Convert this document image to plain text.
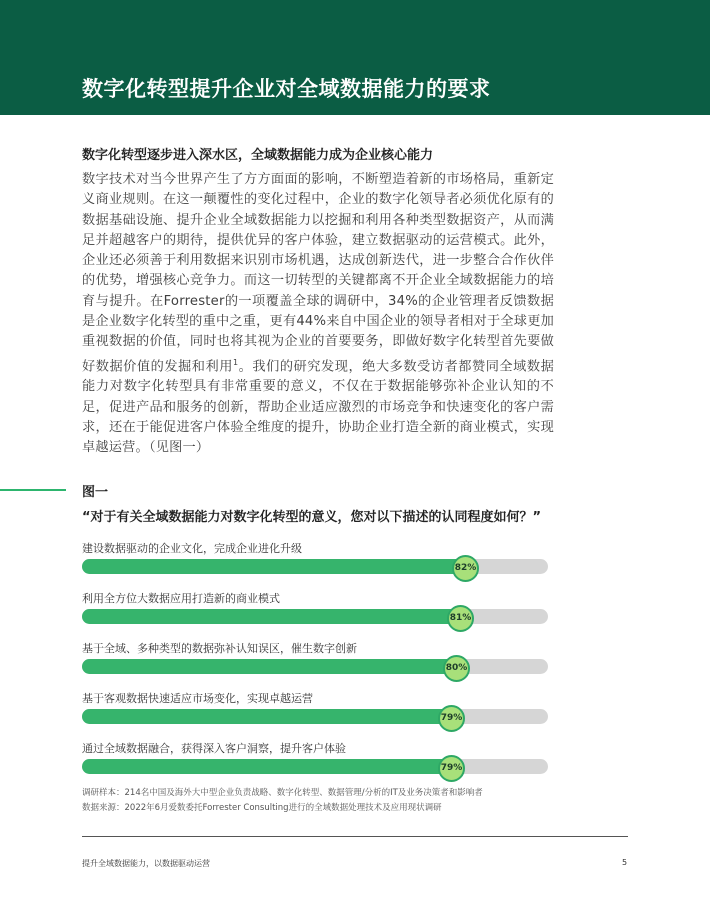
数字化转型提升企业对全域数据能力的要求
数字化转型逐步进入深水区，全域数据能力成为企业核心能力
数字技术对当今世界产生了方方面面的影响，不断塑造着新的市场格局，重新定义商业规则。在这一颠覆性的变化过程中，企业的数字化领导者必须优化原有的数据基础设施、提升企业全域数据能力以挖掘和利用各种类型数据资产，从而满足并超越客户的期待，提供优异的客户体验，建立数据驱动的运营模式。此外，企业还必须善于利用数据来识别市场机遇，达成创新迭代，进一步整合合作伙伴的优势，增强核心竞争力。而这一切转型的关键都离不开企业全域数据能力的培育与提升。在Forrester的一项覆盖全球的调研中，34%的企业管理者反馈数据是企业数字化转型的重中之重，更有44%来自中国企业的领导者相对于全球更加重视数据的价值，同时也将其视为企业的首要要务，即做好数字化转型首先要做好数据价值的发掘和利用$^1$。我们的研究发现，绝大多数受访者都赞同全域数据能力对数字化转型具有非常重要的意义，不仅在于数据能够弥补企业认知的不足，促进产品和服务的创新，帮助企业适应激烈的市场竞争和快速变化的客户需求，还在于能促进客户体验全维度的提升，协助企业打造全新的商业模式，实现卓越运营。（见图一）
图一
“对于有关全域数据能力对数字化转型的意义，您对以下描述的认同程度如何？”
建设数据驱动的企业文化，完成企业进化升级
82%
利用全方位大数据应用打造新的商业模式
81%
基于全域、多种类型的数据弥补认知误区，催生数字创新
80%
基于客观数据快速适应市场变化，实现卓越运营
79%
通过全域数据融合，获得深入客户洞察，提升客户体验
79%
调研样本：214名中国及海外大中型企业负责战略、数字化转型、数据管理/分析的IT及业务决策者和影响者
数据来源：2022年6月爱数委托Forrester Consulting进行的全域数据处理技术及应用现状调研
提升全域数据能力，以数据驱动运营	5
